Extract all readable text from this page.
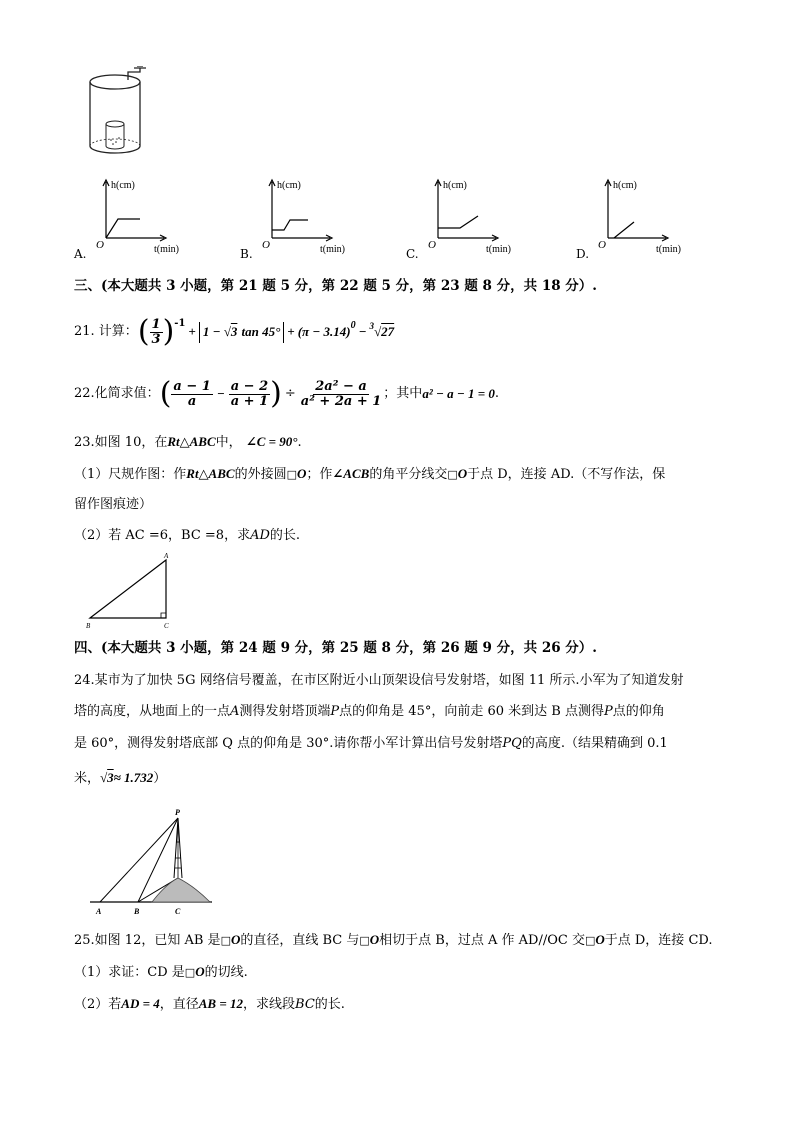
A.
h(cm)
O	t(min)	B.
h(cm)
O	t(min)	C.
h(cm)
O	t(min)	D.
h(cm)
O	t(min)
三、(本大题共 3 小题，第 21 题 5 分，第 22 题 5 分，第 23 题 8 分，共 18 分）.
21. 计算： ( $\frac{1}{3} )^{-1}$
+ 1 − √3 $\tan 45^\circ + (\pi - 3.14)^0 - ^3$ √27
22.化简求值： ( $\frac{a - 1}{a} - \frac{a - 2}{a + 1}$ ) ÷ $\frac{\text{2a² − a}}{\text{a² + 2a + 1}}$ ；其中 a² − a − 1 = 0 .
23.如图 10，在Rt△ABC中， ∠C = 90°.
（1）尺规作图：作Rt△ABC的外接圆□O；作∠ACB的角平分线交□O于点 D，连接 AD.（不写作法，保
留作图痕迹）
（2）若 AC =6，BC =8，求AD的长.
A
B	C
四、(本大题共 3 小题，第 24 题 9 分，第 25 题 8 分，第 26 题 9 分，共 26 分）.
24.某市为了加快 5G 网络信号覆盖，在市区附近小山顶架设信号发射塔，如图 11 所示.小军为了知道发射
塔的高度，从地面上的一点A测得发射塔顶端P点的仰角是 45°，向前走 60 米到达 B 点测得P点的仰角
是 60°，测得发射塔底部 Q 点的仰角是 30°.请你帮小军计算出信号发射塔PQ的高度.（结果精确到 0.1
米，√3≈ 1.732）
P
A	B	C
25.如图 12，已知 AB 是□O的直径，直线 BC 与□O相切于点 B，过点 A 作 AD//OC 交□O于点 D，连接 CD.
（1）求证：CD 是□O的切线.
（2）若AD = 4，直径AB = 12，求线段BC的长.
